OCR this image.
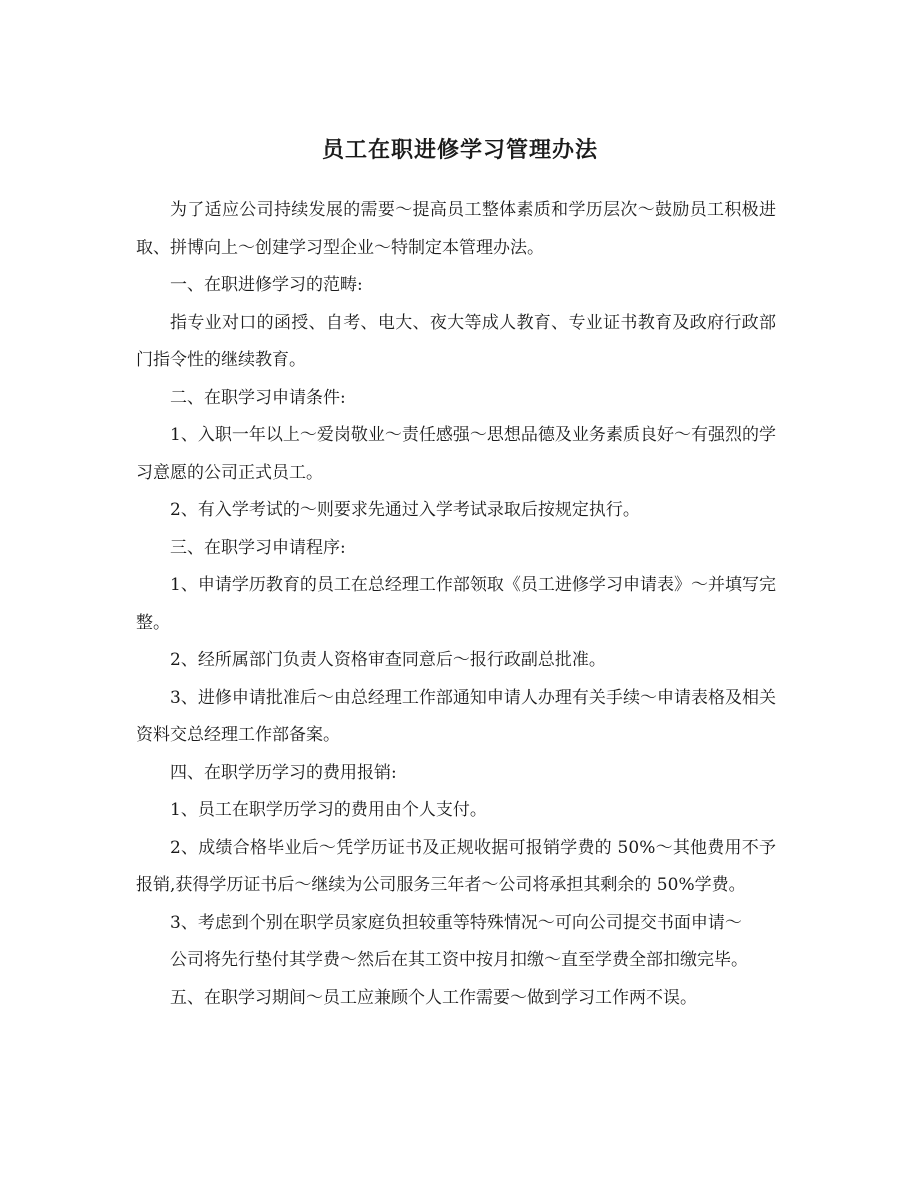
员工在职进修学习管理办法

为了适应公司持续发展的需要～提高员工整体素质和学历层次～鼓励员工积极进取、拼博向上～创建学习型企业～特制定本管理办法。

一、在职进修学习的范畴:

指专业对口的函授、自考、电大、夜大等成人教育、专业证书教育及政府行政部门指令性的继续教育。

二、在职学习申请条件:

1、入职一年以上～爱岗敬业～责任感强～思想品德及业务素质良好～有强烈的学习意愿的公司正式员工。

2、有入学考试的～则要求先通过入学考试录取后按规定执行。

三、在职学习申请程序:

1、申请学历教育的员工在总经理工作部领取《员工进修学习申请表》～并填写完整。

2、经所属部门负责人资格审查同意后～报行政副总批准。

3、进修申请批准后～由总经理工作部通知申请人办理有关手续～申请表格及相关资料交总经理工作部备案。

四、在职学历学习的费用报销:

1、员工在职学历学习的费用由个人支付。

2、成绩合格毕业后～凭学历证书及正规收据可报销学费的 50%～其他费用不予报销,获得学历证书后～继续为公司服务三年者～公司将承担其剩余的 50%学费。

3、考虑到个别在职学员家庭负担较重等特殊情况～可向公司提交书面申请～

公司将先行垫付其学费～然后在其工资中按月扣缴～直至学费全部扣缴完毕。

五、在职学习期间～员工应兼顾个人工作需要～做到学习工作两不误。
